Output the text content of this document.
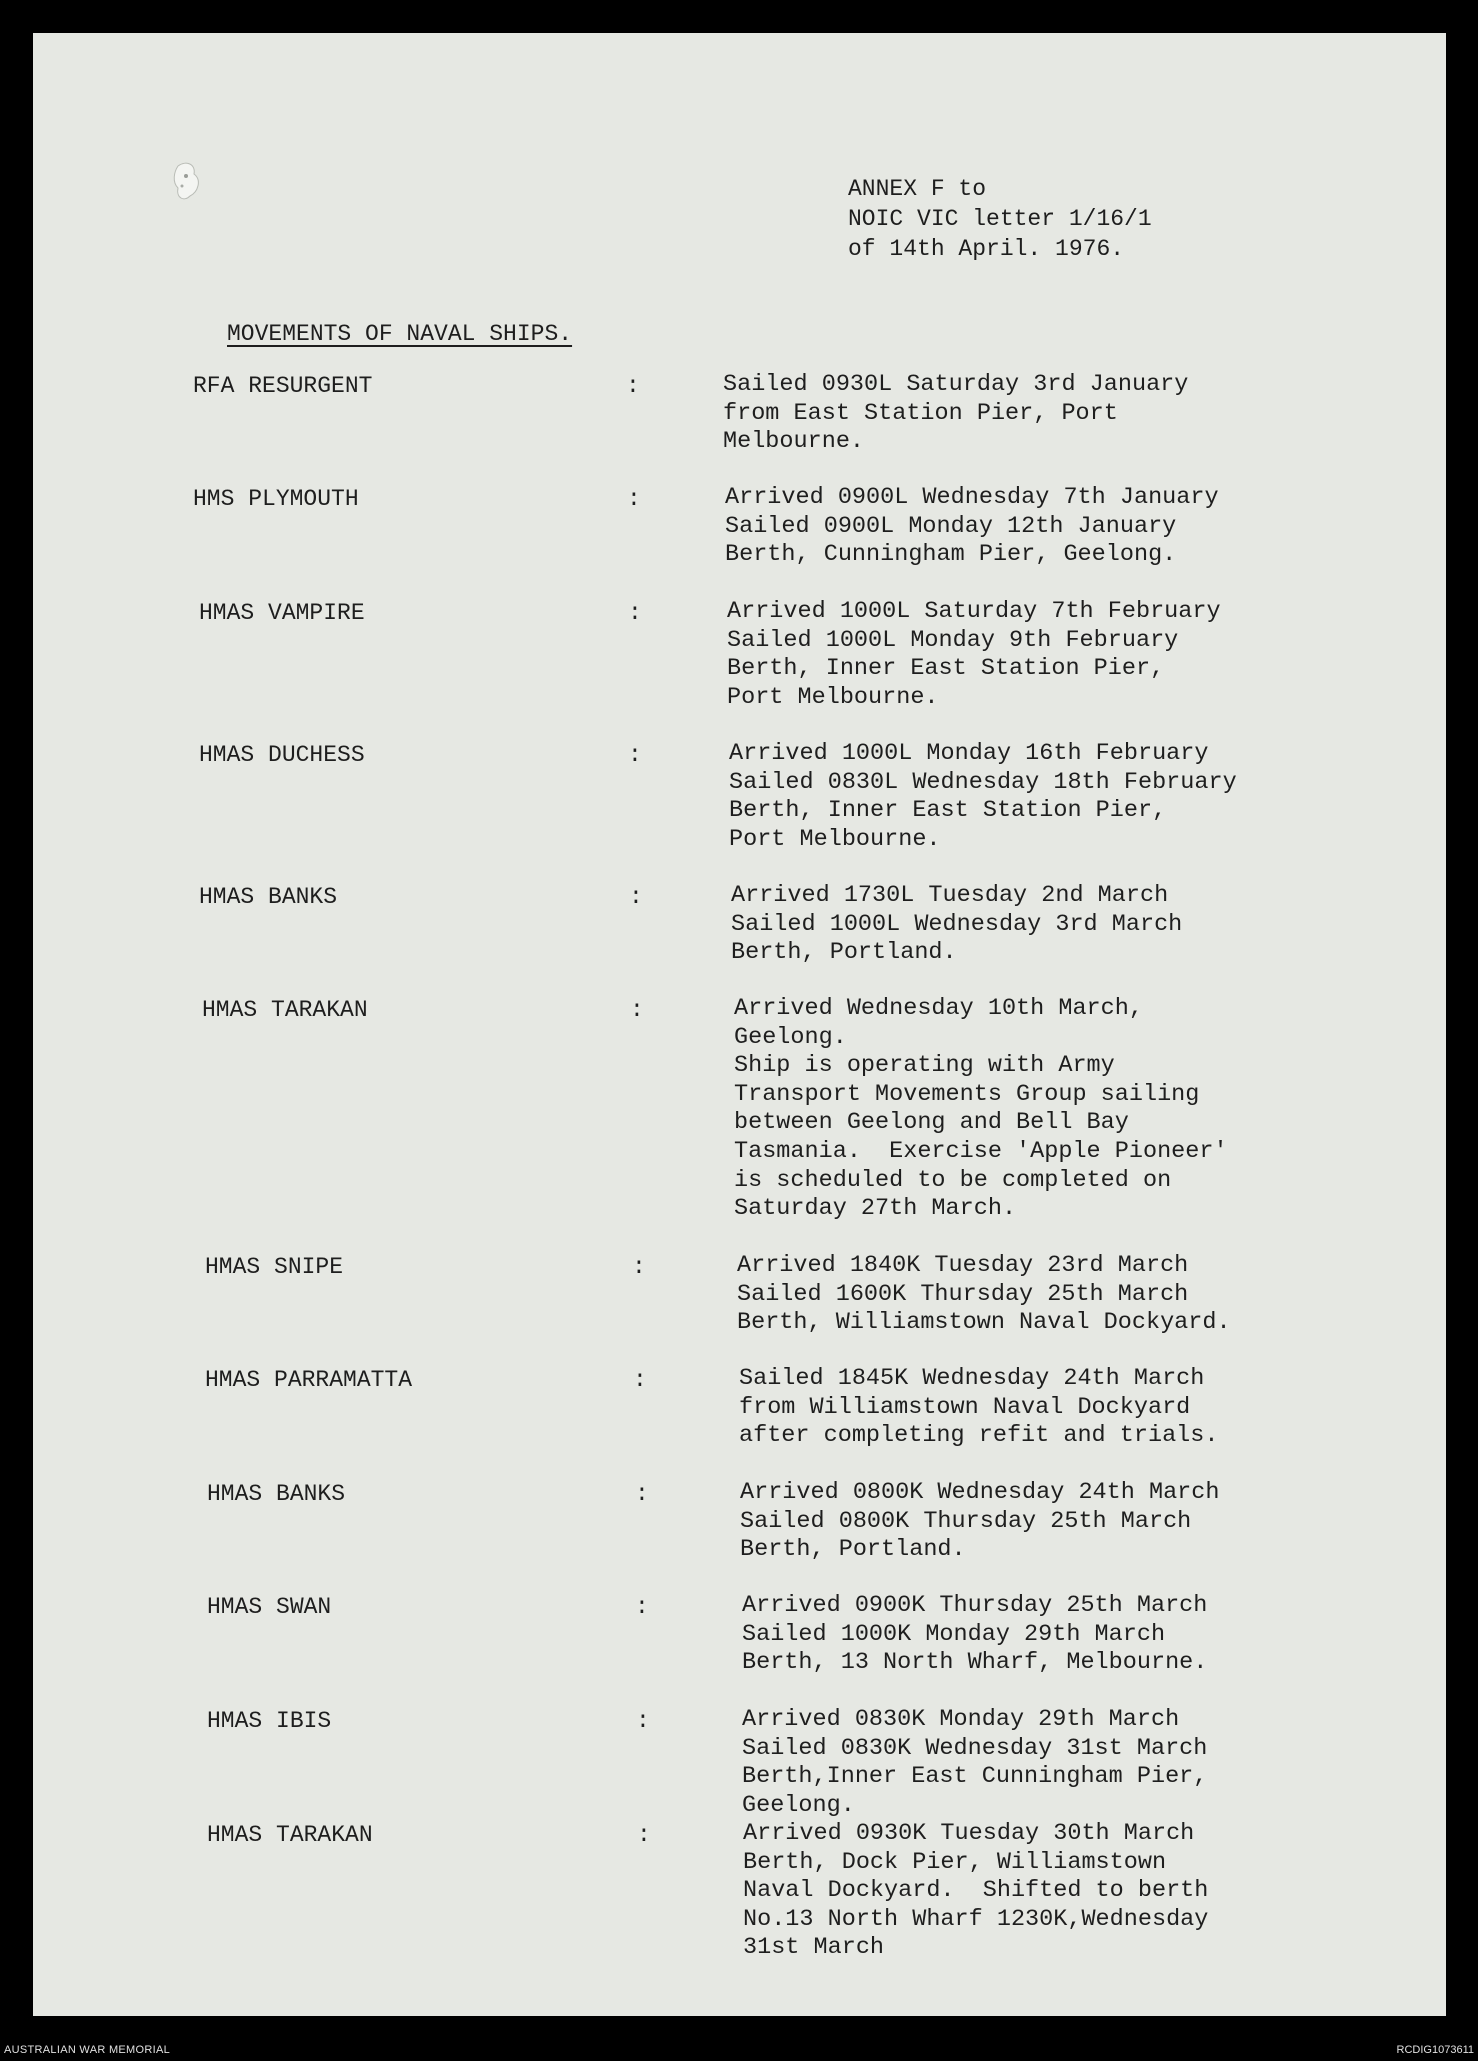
ANNEX F to
NOIC VIC letter 1/16/1
of 14th April. 1976.
MOVEMENTS OF NAVAL SHIPS.
RFA RESURGENT	:	Sailed 0930L Saturday 3rd January
from East Station Pier, Port
Melbourne.
HMS PLYMOUTH	:	Arrived 0900L Wednesday 7th January
Sailed 0900L Monday 12th January
Berth, Cunningham Pier, Geelong.
HMAS VAMPIRE	:	Arrived 1000L Saturday 7th February
Sailed 1000L Monday 9th February
Berth, Inner East Station Pier,
Port Melbourne.
HMAS DUCHESS	:	Arrived 1000L Monday 16th February
Sailed 0830L Wednesday 18th February
Berth, Inner East Station Pier,
Port Melbourne.
HMAS BANKS	:	Arrived 1730L Tuesday 2nd March
Sailed 1000L Wednesday 3rd March
Berth, Portland.
HMAS TARAKAN	:	Arrived Wednesday 10th March,
Geelong.
Ship is operating with Army
Transport Movements Group sailing
between Geelong and Bell Bay
Tasmania.  Exercise 'Apple Pioneer'
is scheduled to be completed on
Saturday 27th March.
HMAS SNIPE	:	Arrived 1840K Tuesday 23rd March
Sailed 1600K Thursday 25th March
Berth, Williamstown Naval Dockyard.
HMAS PARRAMATTA	:	Sailed 1845K Wednesday 24th March
from Williamstown Naval Dockyard
after completing refit and trials.
HMAS BANKS	:	Arrived 0800K Wednesday 24th March
Sailed 0800K Thursday 25th March
Berth, Portland.
HMAS SWAN	:	Arrived 0900K Thursday 25th March
Sailed 1000K Monday 29th March
Berth, 13 North Wharf, Melbourne.
HMAS IBIS	:	Arrived 0830K Monday 29th March
Sailed 0830K Wednesday 31st March
Berth,Inner East Cunningham Pier,
Geelong.
HMAS TARAKAN	:	Arrived 0930K Tuesday 30th March
Berth, Dock Pier, Williamstown
Naval Dockyard.  Shifted to berth
No.13 North Wharf 1230K,Wednesday
31st March
AUSTRALIAN WAR MEMORIAL	RCDIG1073611
